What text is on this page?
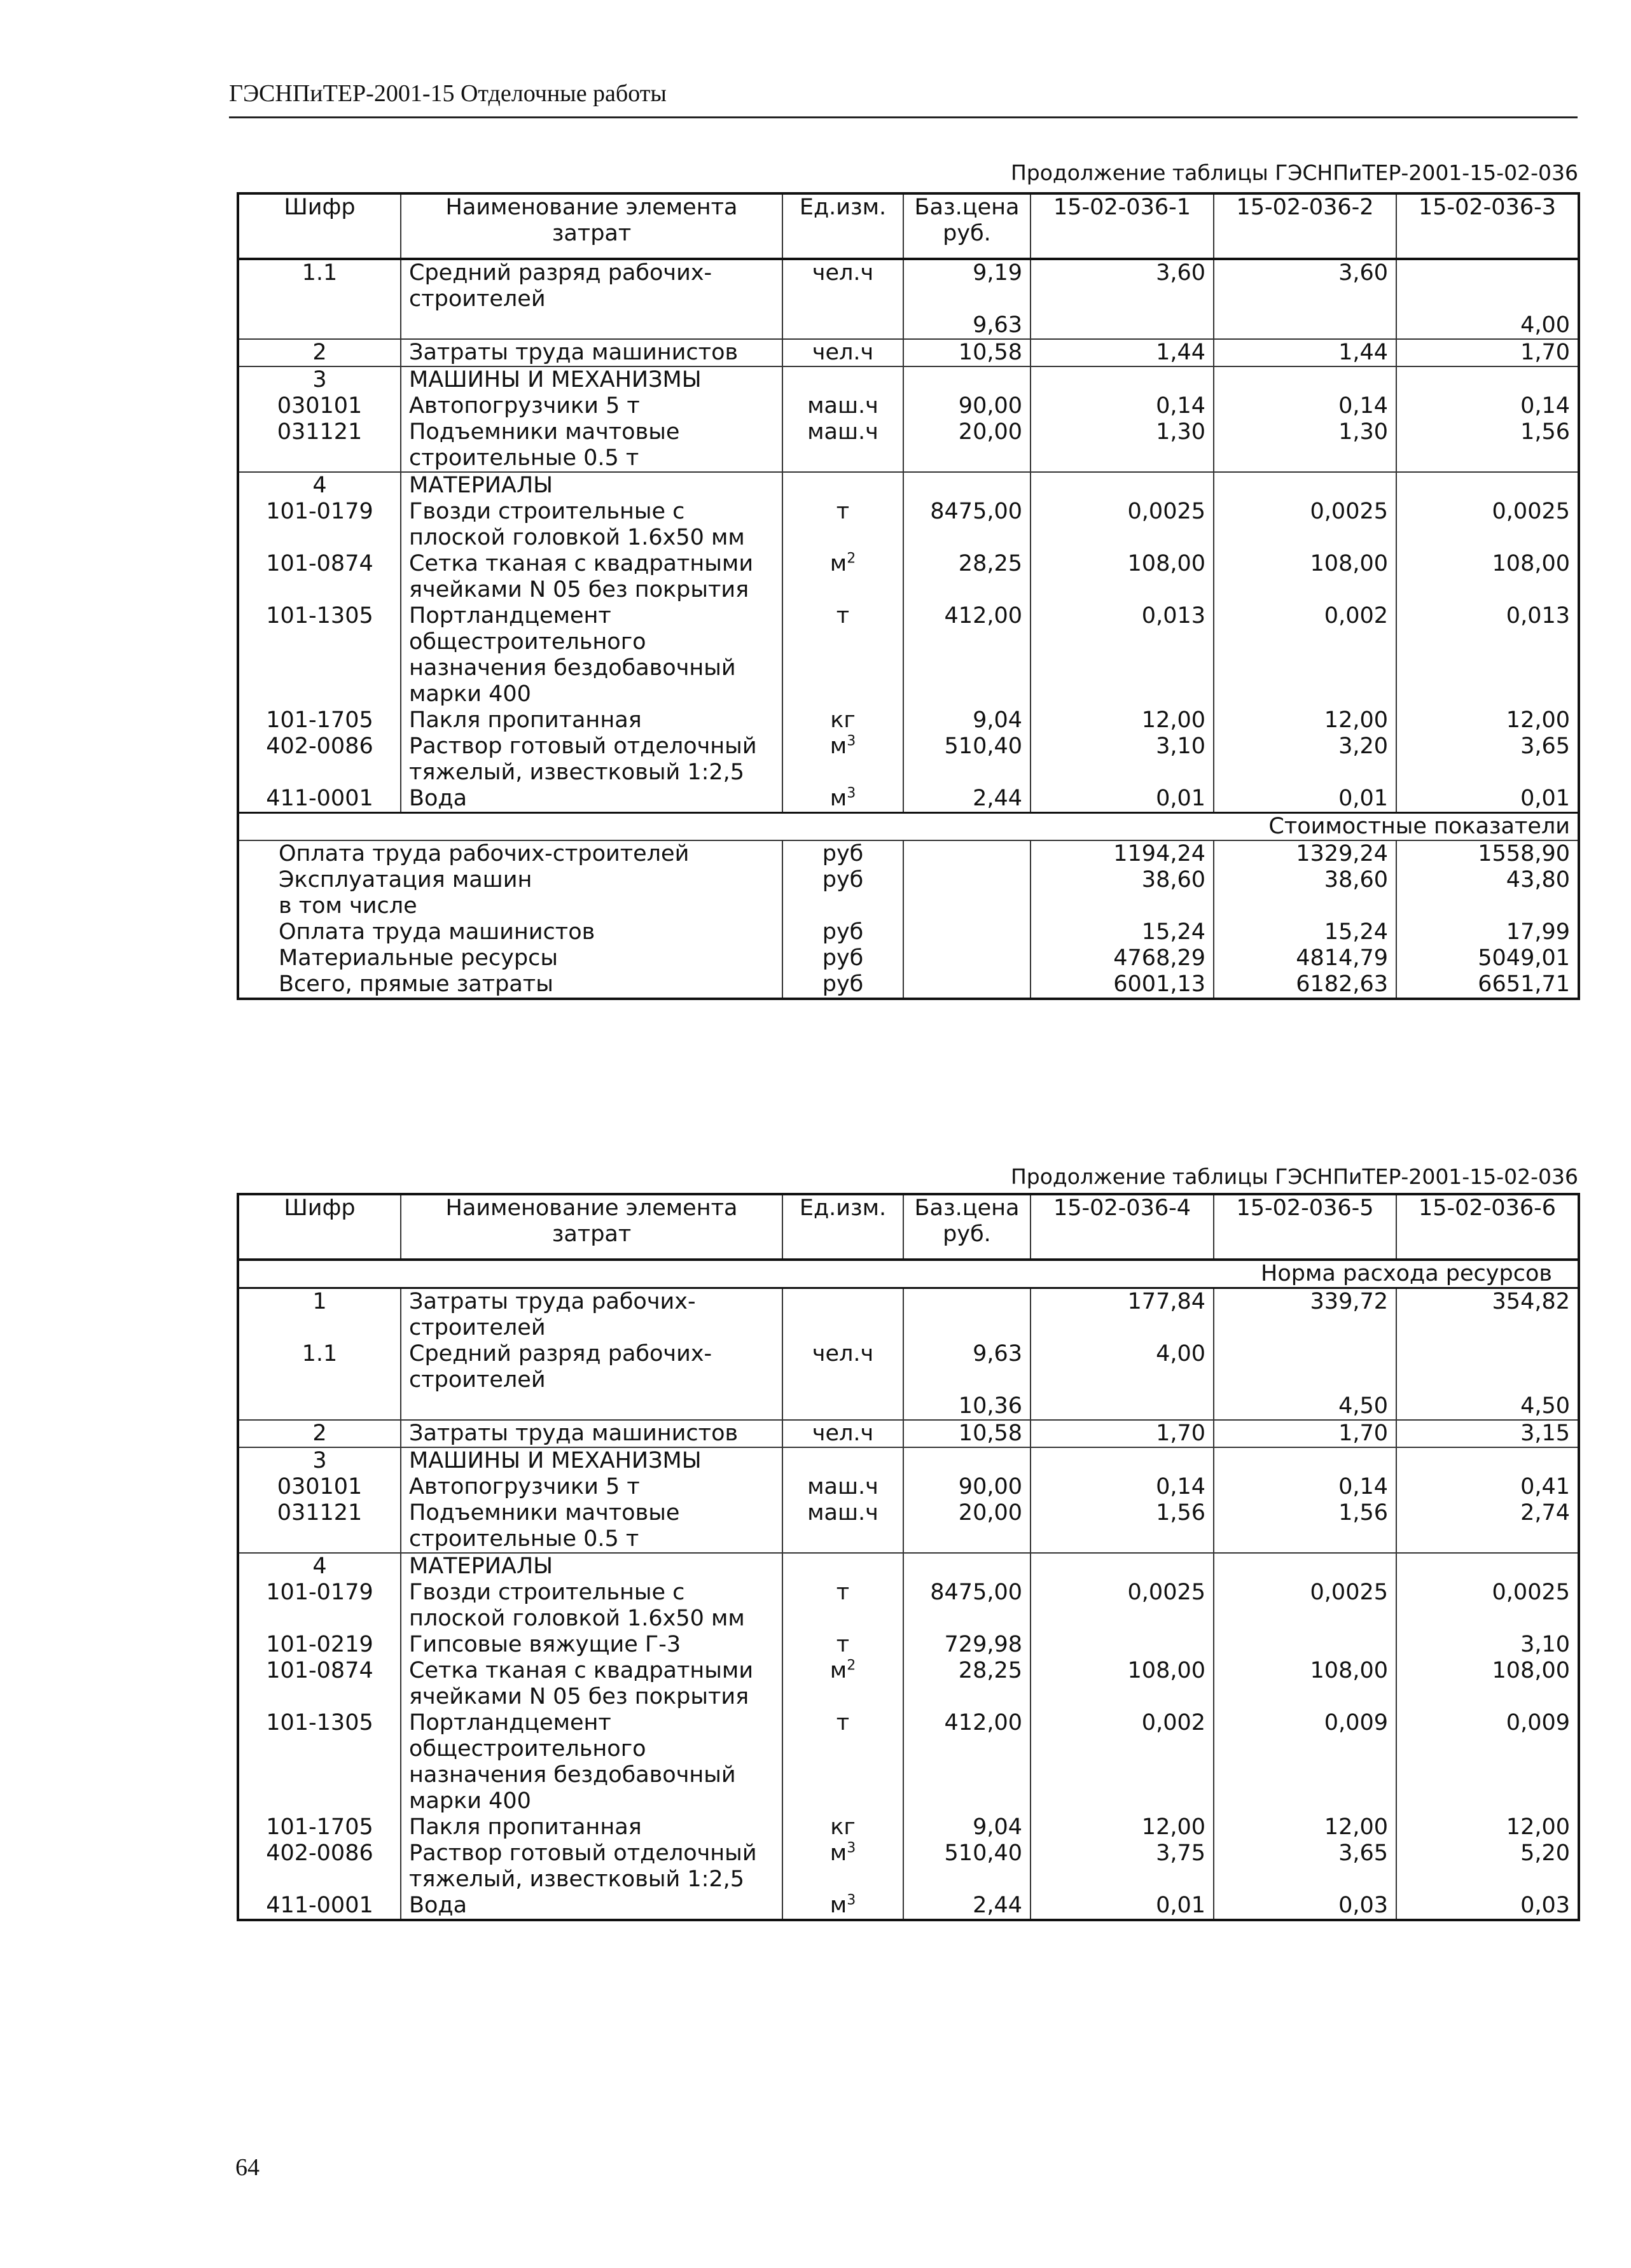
ГЭСНПиТЕР-2001-15 Отделочные работы
Продолжение таблицы ГЭСНПиТЕР-2001-15-02-036
Шифр	Наименование элемента затрат	Ед.изм.	Баз.цена руб.	15-02-036-1	15-02-036-2	15-02-036-3
1.1	Средний разряд рабочих-строителей	чел.ч	9,19	3,60	3,60	
			9,63			4,00
2	Затраты труда машинистов	чел.ч	10,58	1,44	1,44	1,70
3	МАШИНЫ И МЕХАНИЗМЫ					
030101	Автопогрузчики 5 т	маш.ч	90,00	0,14	0,14	0,14
031121	Подъемники мачтовые строительные 0.5 т	маш.ч	20,00	1,30	1,30	1,56
4	МАТЕРИАЛЫ					
101-0179	Гвозди строительные с плоской головкой 1.6x50 мм	т	8475,00	0,0025	0,0025	0,0025
101-0874	Сетка тканая с квадратными ячейками N 05 без покрытия	$м^2$	28,25	108,00	108,00	108,00
101-1305	Портландцемент общестроительного назначения бездобавочный марки 400	т	412,00	0,013	0,002	0,013
101-1705	Пакля пропитанная	кг	9,04	12,00	12,00	12,00
402-0086	Раствор готовый отделочный тяжелый, известковый 1:2,5	$м^3$	510,40	3,10	3,20	3,65
411-0001	Вода	$м^3$	2,44	0,01	0,01	0,01
Стоимостные показатели						
Оплата труда рабочих-строителей		руб		1194,24	1329,24	1558,90
Эксплуатация машин		руб		38,60	38,60	43,80
в том числе						
Оплата труда машинистов		руб		15,24	15,24	17,99
Материальные ресурсы		руб		4768,29	4814,79	5049,01
Всего, прямые затраты		руб		6001,13	6182,63	6651,71
Продолжение таблицы ГЭСНПиТЕР-2001-15-02-036
Шифр	Наименование элемента затрат	Ед.изм.	Баз.цена руб.	15-02-036-4	15-02-036-5	15-02-036-6
Норма расхода ресурсов						
1	Затраты труда рабочих-строителей			177,84	339,72	354,82
1.1	Средний разряд рабочих-строителей	чел.ч	9,63	4,00		
			10,36		4,50	4,50
2	Затраты труда машинистов	чел.ч	10,58	1,70	1,70	3,15
3	МАШИНЫ И МЕХАНИЗМЫ					
030101	Автопогрузчики 5 т	маш.ч	90,00	0,14	0,14	0,41
031121	Подъемники мачтовые строительные 0.5 т	маш.ч	20,00	1,56	1,56	2,74
4	МАТЕРИАЛЫ					
101-0179	Гвозди строительные с плоской головкой 1.6x50 мм	т	8475,00	0,0025	0,0025	0,0025
101-0219	Гипсовые вяжущие Г-3	т	729,98			3,10
101-0874	Сетка тканая с квадратными ячейками N 05 без покрытия	$м^2$	28,25	108,00	108,00	108,00
101-1305	Портландцемент общестроительного назначения бездобавочный марки 400	т	412,00	0,002	0,009	0,009
101-1705	Пакля пропитанная	кг	9,04	12,00	12,00	12,00
402-0086	Раствор готовый отделочный тяжелый, известковый 1:2,5	$м^3$	510,40	3,75	3,65	5,20
411-0001	Вода	$м^3$	2,44	0,01	0,03	0,03
64
